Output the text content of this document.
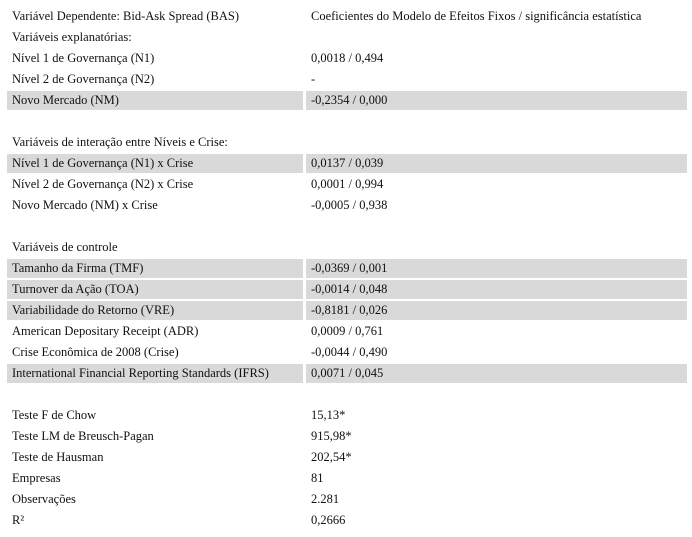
Variável Dependente: Bid-Ask Spread (BAS)	Coeficientes do Modelo de Efeitos Fixos / significância estatística
Variáveis explanatórias:
Nível 1 de Governança (N1)	0,0018 / 0,494
Nível 2 de Governança (N2)	-
Novo Mercado (NM)	-0,2354 / 0,000
Variáveis de interação entre Níveis e Crise:
Nível 1 de Governança (N1) x Crise	0,0137 / 0,039
Nível 2 de Governança (N2) x Crise	0,0001 / 0,994
Novo Mercado (NM) x Crise	-0,0005 / 0,938
Variáveis de controle
Tamanho da Firma (TMF)	-0,0369 / 0,001
Turnover da Ação (TOA)	-0,0014 / 0,048
Variabilidade do Retorno (VRE)	-0,8181 / 0,026
American Depositary Receipt (ADR)	0,0009 / 0,761
Crise Econômica de 2008 (Crise)	-0,0044 / 0,490
International Financial Reporting Standards (IFRS)	0,0071 / 0,045
Teste F de Chow	15,13*
Teste LM de Breusch-Pagan	915,98*
Teste de Hausman	202,54*
Empresas	81
Observações	2.281
R²	0,2666
